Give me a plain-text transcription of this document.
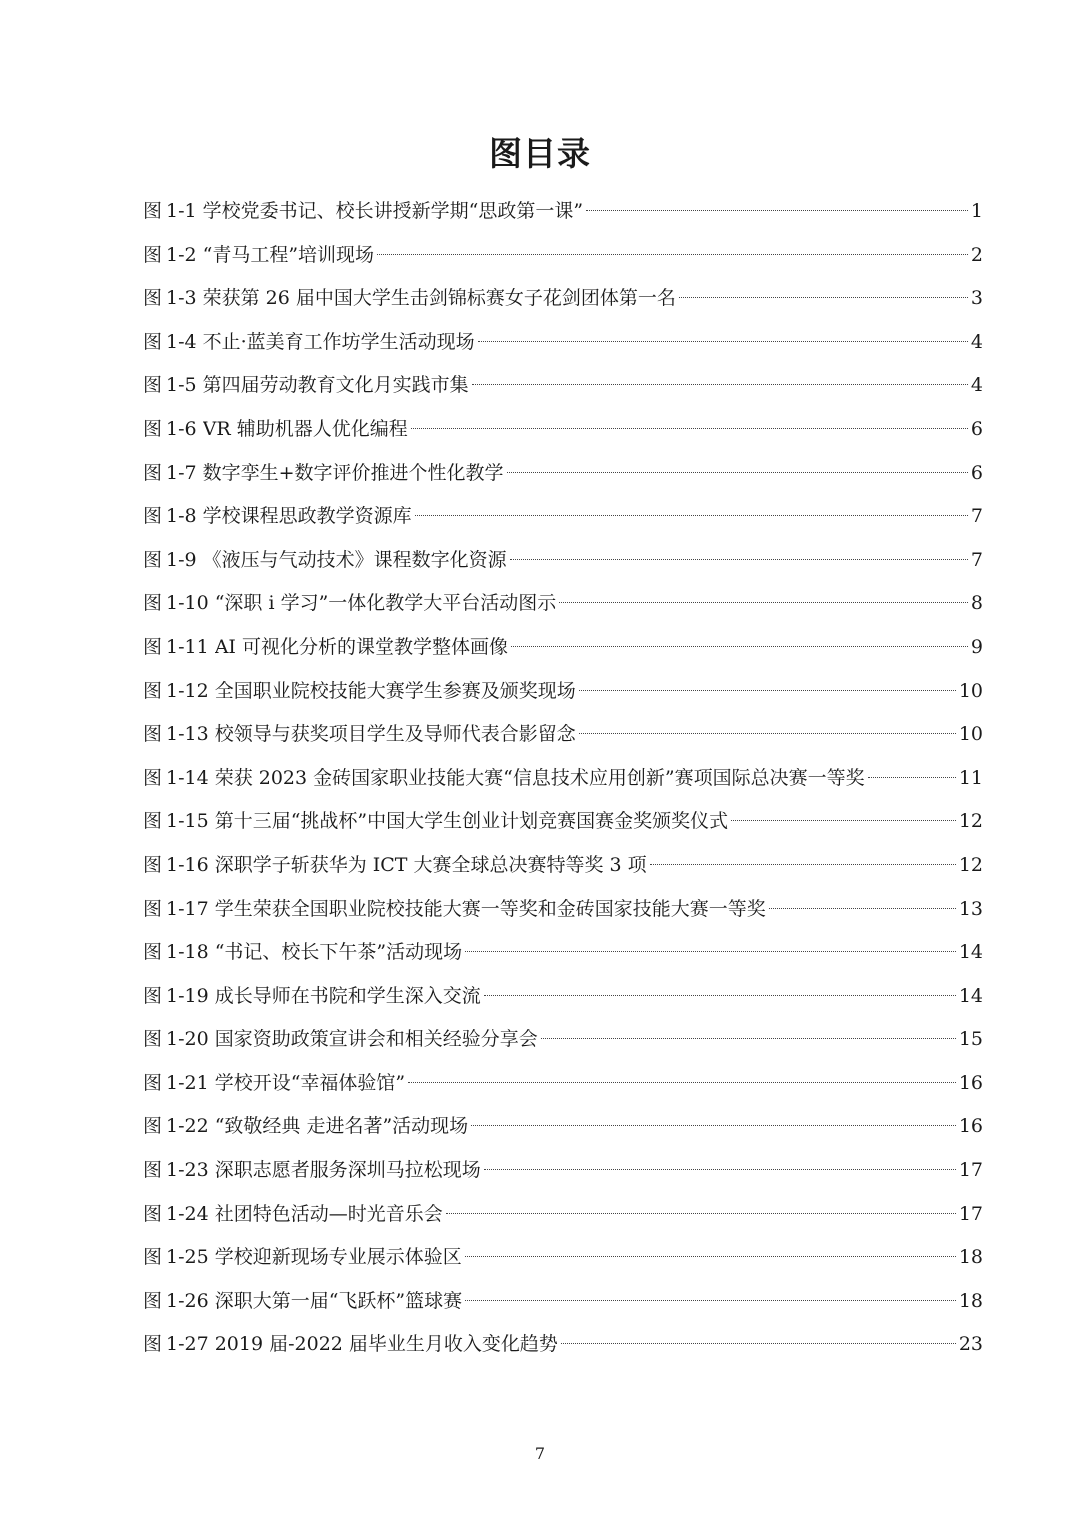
图目录
图 1-1 学校党委书记、校长讲授新学期“思政第一课”	1
图 1-2 “青马工程”培训现场	2
图 1-3 荣获第 26 届中国大学生击剑锦标赛女子花剑团体第一名	3
图 1-4 不止·蓝美育工作坊学生活动现场	4
图 1-5 第四届劳动教育文化月实践市集	4
图 1-6 VR 辅助机器人优化编程	6
图 1-7 数字孪生+数字评价推进个性化教学	6
图 1-8 学校课程思政教学资源库	7
图 1-9 《液压与气动技术》课程数字化资源	7
图 1-10 “深职 i 学习”一体化教学大平台活动图示	8
图 1-11 AI 可视化分析的课堂教学整体画像	9
图 1-12 全国职业院校技能大赛学生参赛及颁奖现场	10
图 1-13 校领导与获奖项目学生及导师代表合影留念	10
图 1-14 荣获 2023 金砖国家职业技能大赛“信息技术应用创新”赛项国际总决赛一等奖	11
图 1-15 第十三届“挑战杯”中国大学生创业计划竞赛国赛金奖颁奖仪式	12
图 1-16 深职学子斩获华为 ICT 大赛全球总决赛特等奖 3 项	12
图 1-17 学生荣获全国职业院校技能大赛一等奖和金砖国家技能大赛一等奖	13
图 1-18 “书记、校长下午茶”活动现场	14
图 1-19 成长导师在书院和学生深入交流	14
图 1-20 国家资助政策宣讲会和相关经验分享会	15
图 1-21 学校开设“幸福体验馆”	16
图 1-22 “致敬经典 走进名著”活动现场	16
图 1-23 深职志愿者服务深圳马拉松现场	17
图 1-24 社团特色活动—时光音乐会	17
图 1-25 学校迎新现场专业展示体验区	18
图 1-26 深职大第一届“飞跃杯”篮球赛	18
图 1-27 2019 届-2022 届毕业生月收入变化趋势	23
7
